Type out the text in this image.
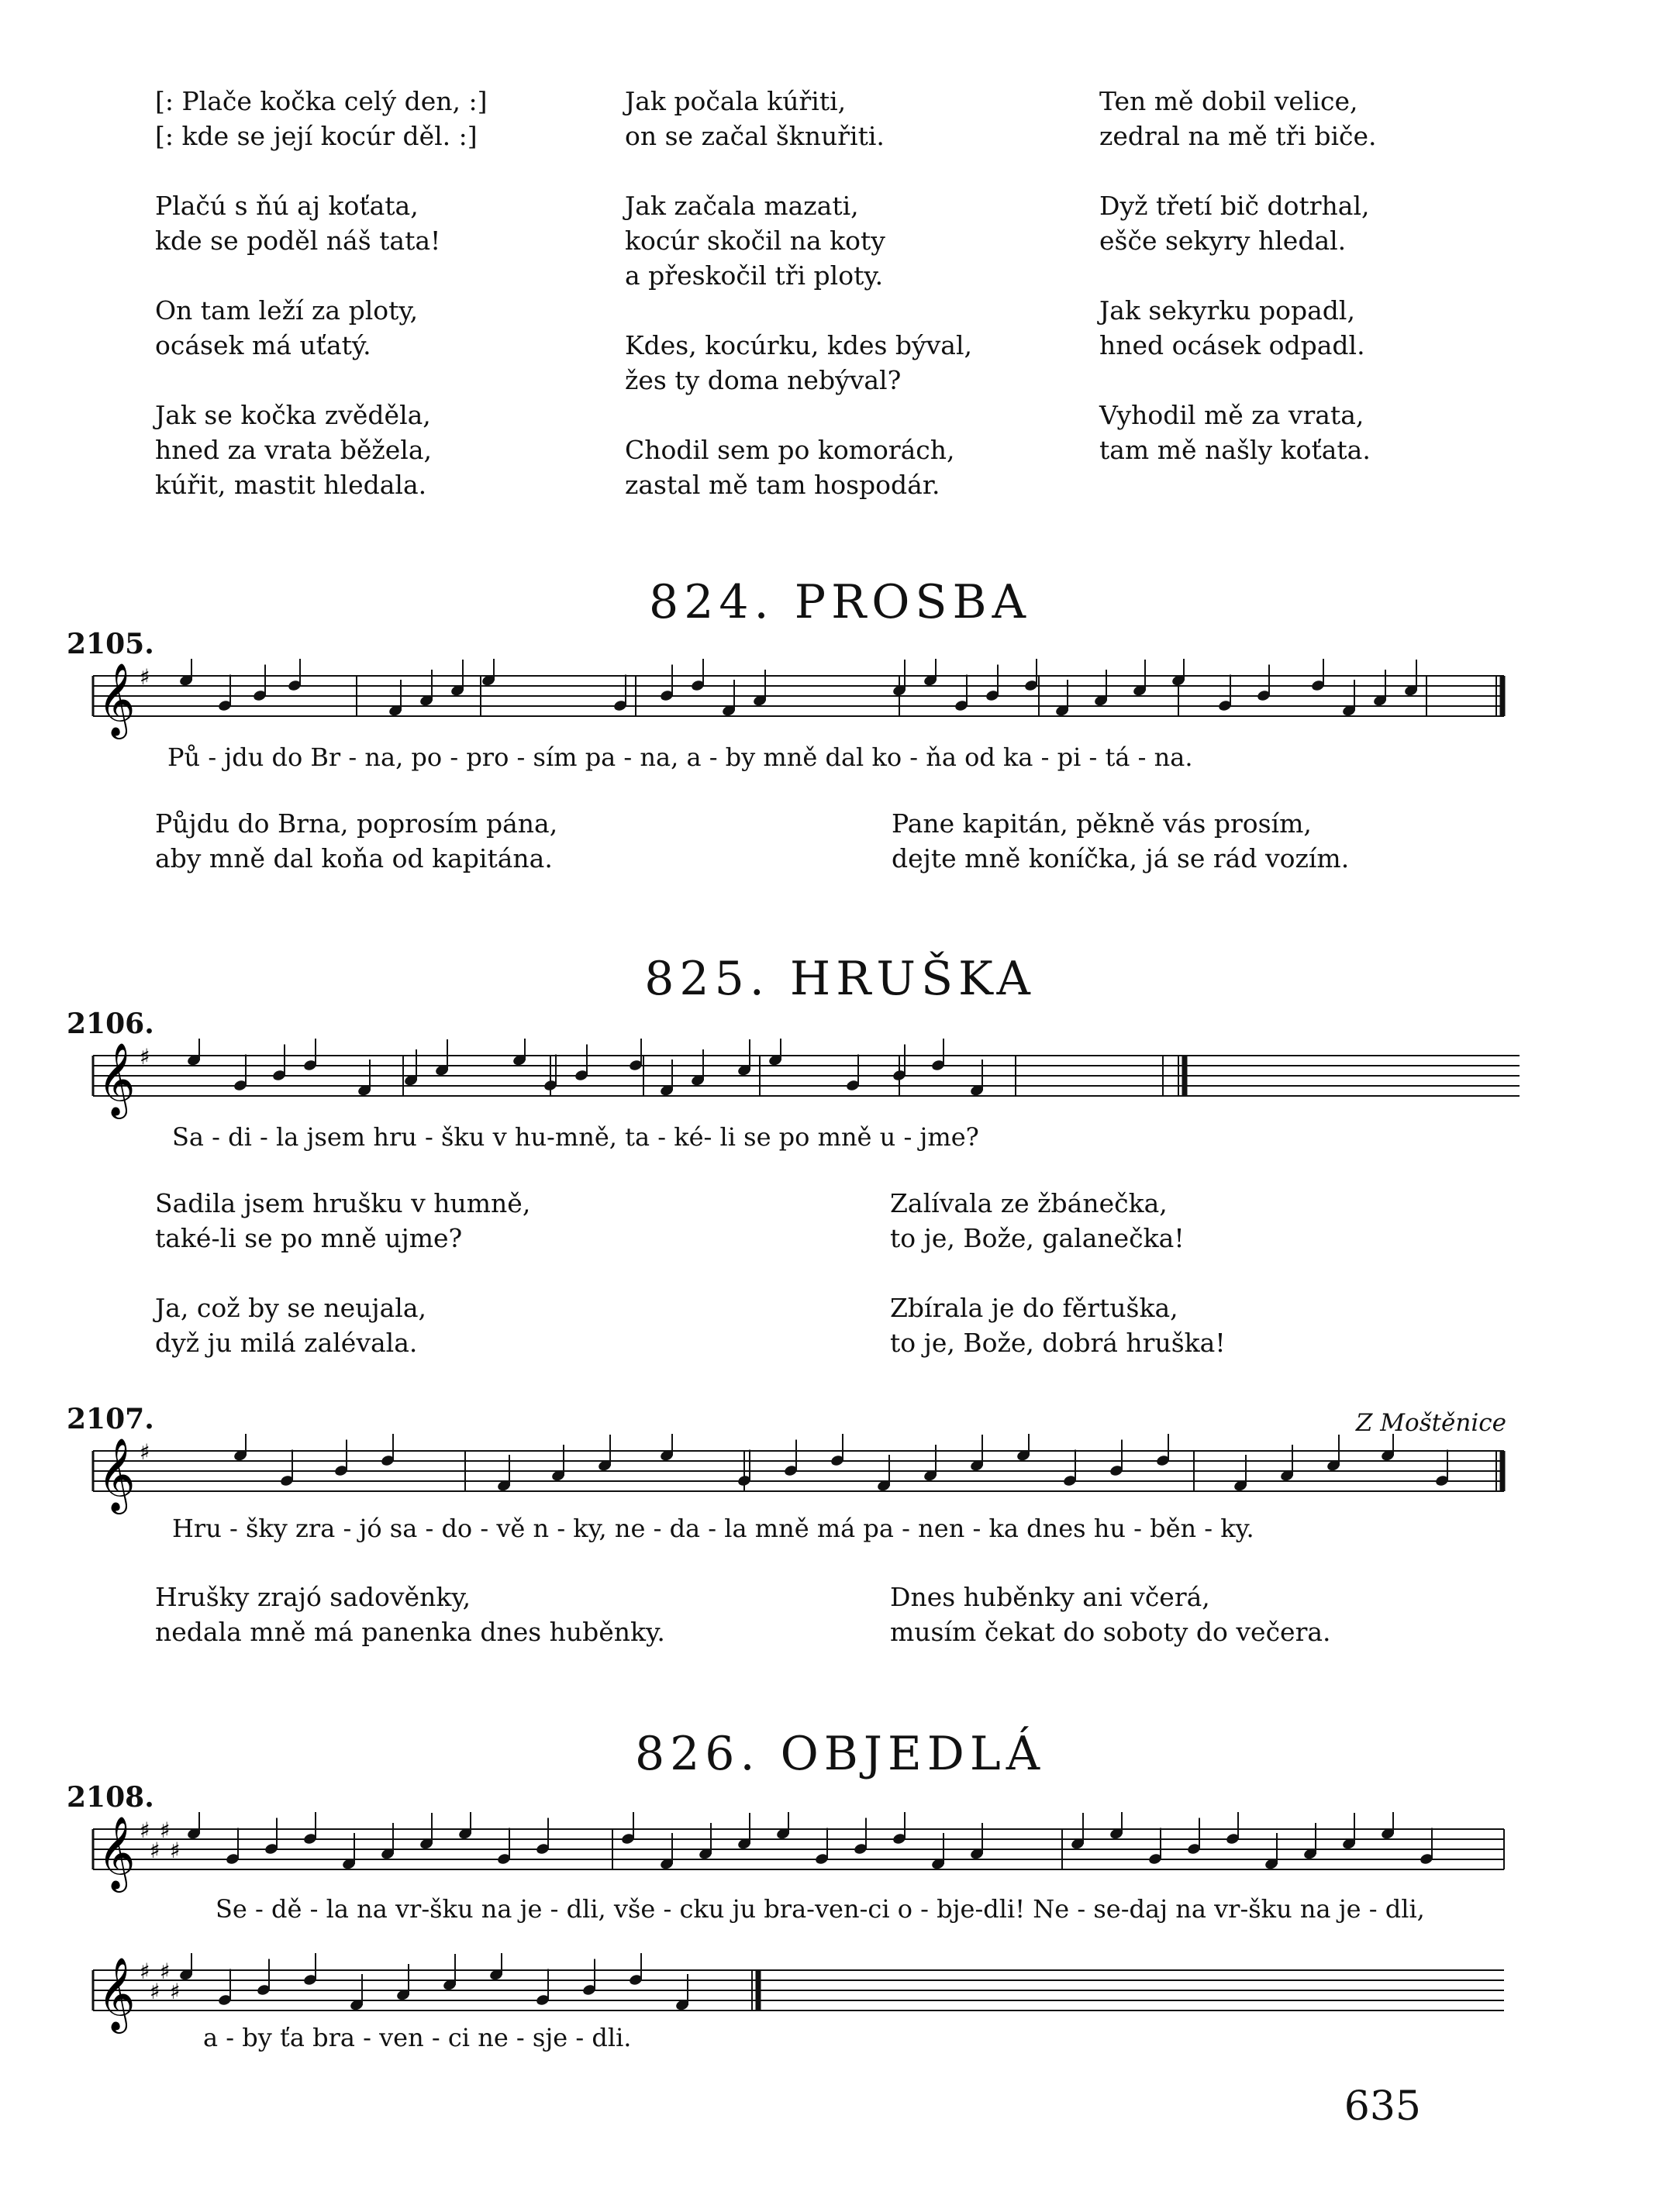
[: Plače kočka celý den, :]

[: kde se její kocúr děl. :]

Plačú s ňú aj koťata,

kde se poděl náš tata!

On tam leží za ploty,

ocásek má uťatý.

Jak se kočka zvěděla,

hned za vrata běžela,

kúřit, mastit hledala.

Jak počala kúřiti,

on se začal šknuřiti.

Jak začala mazati,

kocúr skočil na koty

a přeskočil tři ploty.

Kdes, kocúrku, kdes býval,

žes ty doma nebýval?

Chodil sem po komorách,

zastal mě tam hospodár.

Ten mě dobil velice,

zedral na mě tři biče.

Dyž třetí bič dotrhal,

ešče sekyry hledal.

Jak sekyrku popadl,

hned ocásek odpadl.

Vyhodil mě za vrata,

tam mě našly koťata.

824. PROSBA
2105.
𝄞 ♯
Pů - jdu do Br - na, po - pro - sím pa - na, a - by mně dal ko - ňa od ka - pi - tá - na.

Půjdu do Brna, poprosím pána,

aby mně dal koňa od kapitána.

Pane kapitán, pěkně vás prosím,

dejte mně koníčka, já se rád vozím.

825. HRUŠKA
2106.
𝄞 ♯
Sa - di - la jsem hru - šku v hu-mně, ta - ké- li se po mně u - jme?

Sadila jsem hrušku v humně,

také-li se po mně ujme?

Ja, což by se neujala,

dyž ju milá zalévala.

Zalívala ze žbánečka,

to je, Bože, galanečka!

Zbírala je do fěrtuška,

to je, Bože, dobrá hruška!

2107.	Z Moštěnice
𝄞 ♯
Hru - šky zra - jó sa - do - vě n - ky, ne - da - la mně má pa - nen - ka dnes hu - běn - ky.

Hrušky zrajó sadověnky,

nedala mně má panenka dnes huběnky.

Dnes huběnky ani včerá,

musím čekat do soboty do večera.

826. OBJEDLÁ
2108.
𝄞 ♯
♯
♯
♯
Se - dě - la na vr-šku na je - dli, vše - cku ju bra-ven-ci o - bje-dli! Ne - se-daj na vr-šku na je - dli,
𝄞 ♯
♯
♯
♯
a - by ťa bra - ven - ci ne - sje - dli.
635
